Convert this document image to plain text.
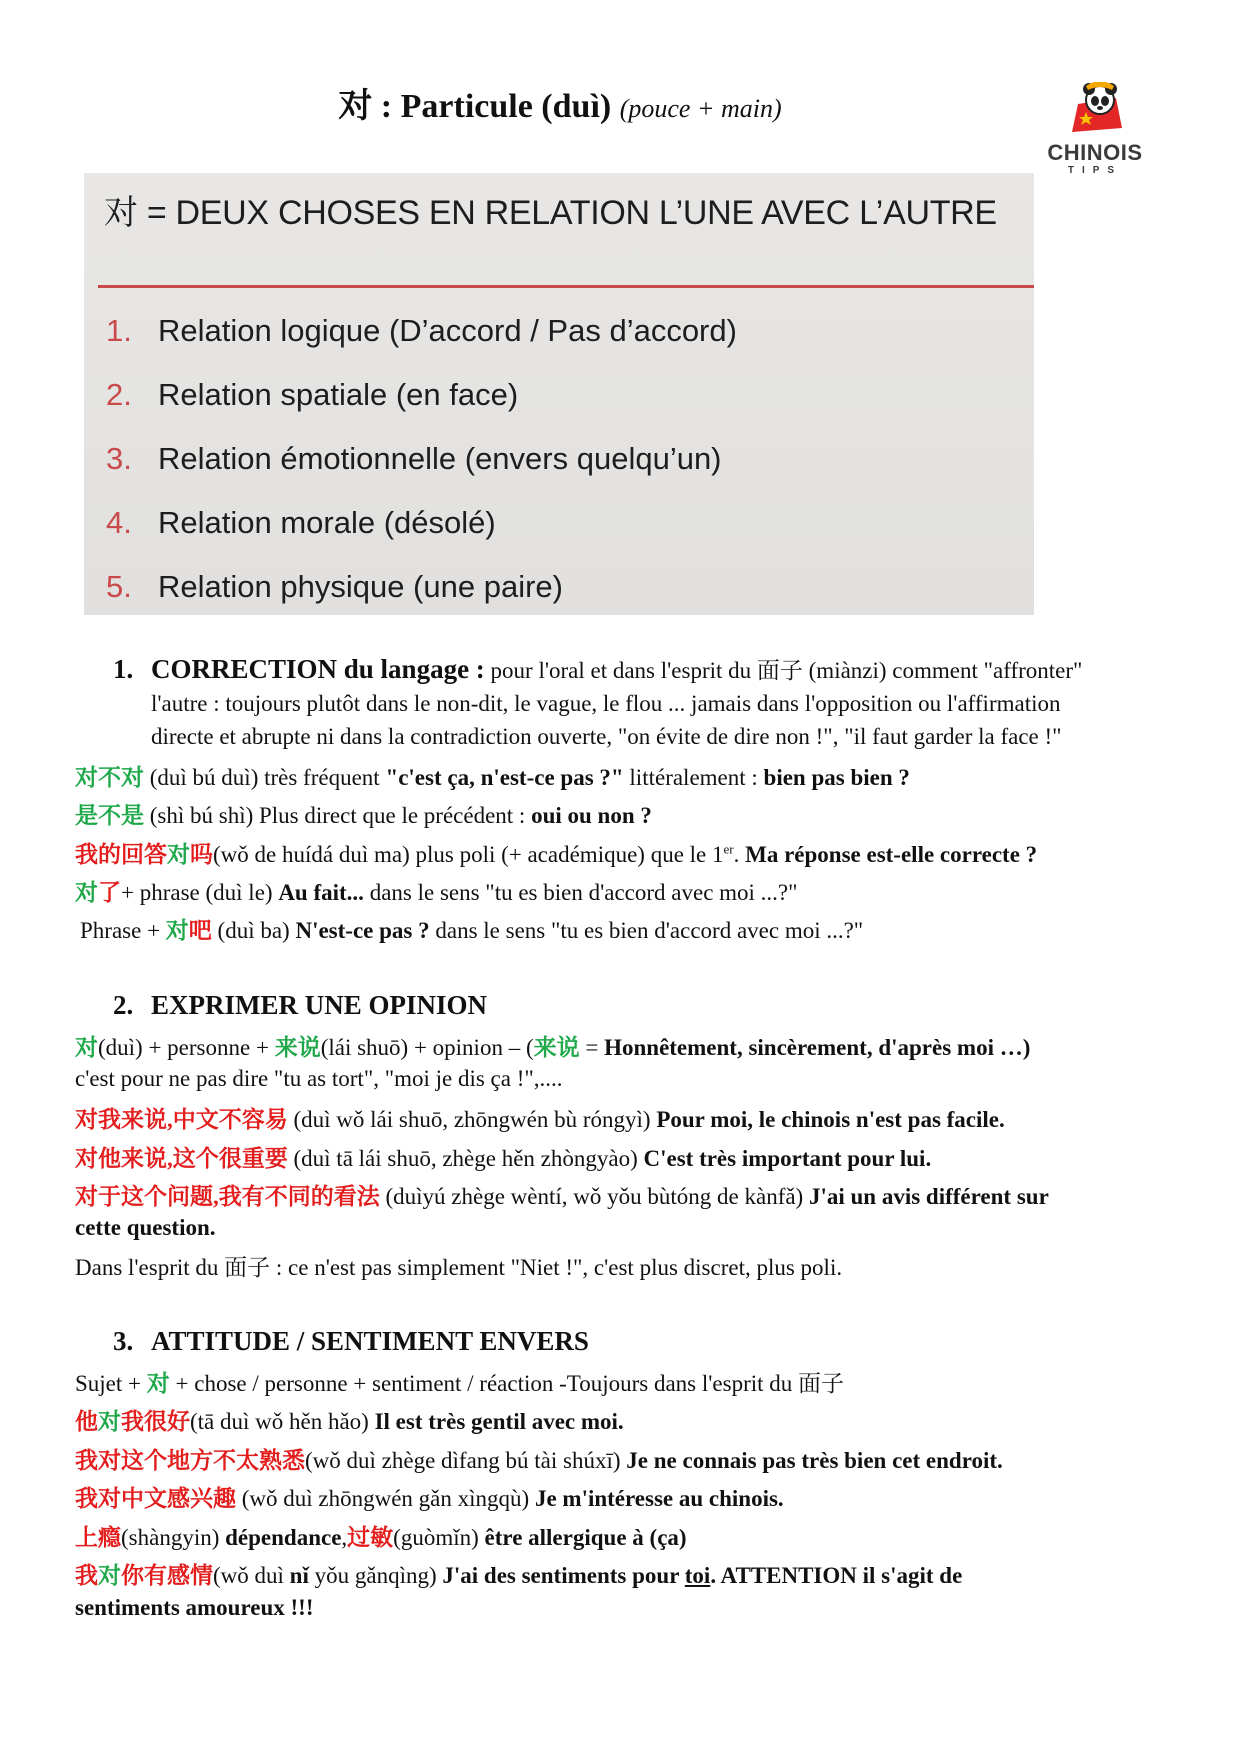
对 : Particule (duì) (pouce + main)
CHINOIS
TIPS
对 = DEUX CHOSES EN RELATION L’UNE AVEC L’AUTRE
1. Relation logique (D’accord / Pas d’accord)
2. Relation spatiale (en face)
3. Relation émotionnelle (envers quelqu’un)
4. Relation morale (désolé)
5. Relation physique (une paire)
1. CORRECTION du langage : pour l'oral et dans l'esprit du 面子 (miànzi) comment "affronter"
l'autre : toujours plutôt dans le non-dit, le vague, le flou ... jamais dans l'opposition ou l'affirmation
directe et abrupte ni dans la contradiction ouverte, "on évite de dire non !", "il faut garder la face !"
对不对 (duì bú duì) très fréquent "c'est ça, n'est-ce pas ?" littéralement : bien pas bien ?
是不是 (shì bú shì) Plus direct que le précédent : oui ou non ?
我的回答对吗(wǒ de huídá duì ma) plus poli (+ académique) que le 1er. Ma réponse est-elle correcte ?
对了+ phrase (duì le) Au fait... dans le sens "tu es bien d'accord avec moi ...?"
Phrase + 对吧 (duì ba) N'est-ce pas ? dans le sens "tu es bien d'accord avec moi ...?"
2. EXPRIMER UNE OPINION
对(duì) + personne + 来说(lái shuō) + opinion – (来说 = Honnêtement, sincèrement, d'après moi …)
c'est pour ne pas dire "tu as tort", "moi je dis ça !",....
对我来说,中文不容易 (duì wǒ lái shuō, zhōngwén bù róngyì) Pour moi, le chinois n'est pas facile.
对他来说,这个很重要 (duì tā lái shuō, zhège hěn zhòngyào) C'est très important pour lui.
对于这个问题,我有不同的看法 (duìyú zhège wèntí, wǒ yǒu bùtóng de kànfǎ) J'ai un avis différent sur
cette question.
Dans l'esprit du 面子 : ce n'est pas simplement "Niet !", c'est plus discret, plus poli.
3. ATTITUDE / SENTIMENT ENVERS
Sujet + 对 + chose / personne + sentiment / réaction -Toujours dans l'esprit du 面子
他对我很好(tā duì wǒ hěn hǎo) Il est très gentil avec moi.
我对这个地方不太熟悉(wǒ duì zhège dìfang bú tài shúxī) Je ne connais pas très bien cet endroit.
我对中文感兴趣 (wǒ duì zhōngwén gǎn xìngqù) Je m'intéresse au chinois.
上瘾(shàngyin) dépendance,过敏(guòmǐn) être allergique à (ça)
我对你有感情(wǒ duì nǐ yǒu gǎnqìng) J'ai des sentiments pour toi. ATTENTION il s'agit de
sentiments amoureux !!!
